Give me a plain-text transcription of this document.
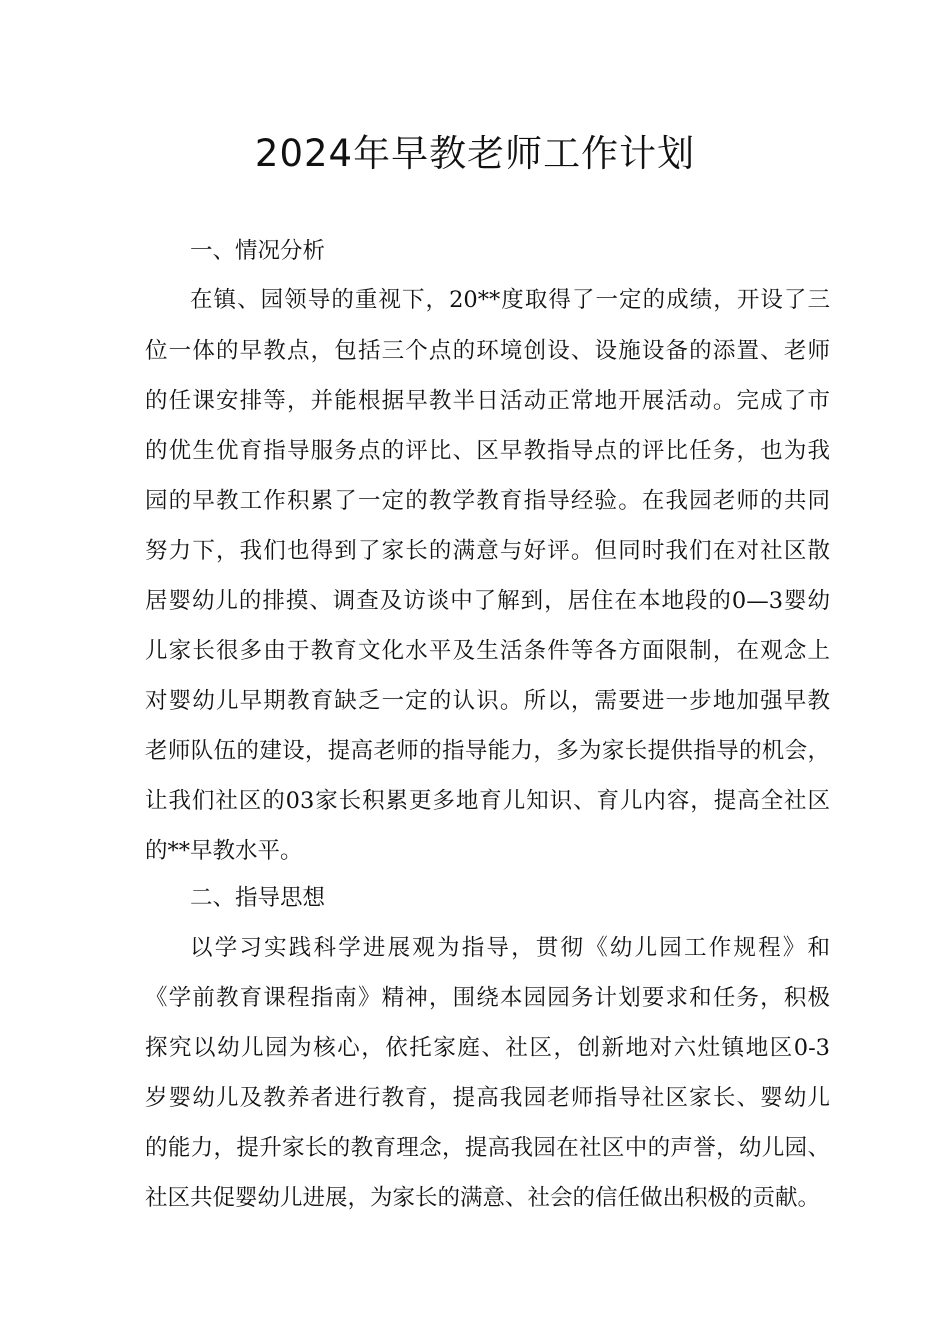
2024年早教老师工作计划
一、情况分析
在镇、园领导的重视下，20**度取得了一定的成绩，开设了三
位一体的早教点，包括三个点的环境创设、设施设备的添置、老师
的任课安排等，并能根据早教半日活动正常地开展活动。完成了市
的优生优育指导服务点的评比、区早教指导点的评比任务，也为我
园的早教工作积累了一定的教学教育指导经验。在我园老师的共同
努力下，我们也得到了家长的满意与好评。但同时我们在对社区散
居婴幼儿的排摸、调查及访谈中了解到，居住在本地段的0—3婴幼
儿家长很多由于教育文化水平及生活条件等各方面限制，在观念上
对婴幼儿早期教育缺乏一定的认识。所以，需要进一步地加强早教
老师队伍的建设，提高老师的指导能力，多为家长提供指导的机会，
让我们社区的03家长积累更多地育儿知识、育儿内容，提高全社区
的**早教水平。
二、指导思想
以学习实践科学进展观为指导，贯彻《幼儿园工作规程》和
《学前教育课程指南》精神，围绕本园园务计划要求和任务，积极
探究以幼儿园为核心，依托家庭、社区，创新地对六灶镇地区0-3
岁婴幼儿及教养者进行教育，提高我园老师指导社区家长、婴幼儿
的能力，提升家长的教育理念，提高我园在社区中的声誉，幼儿园、
社区共促婴幼儿进展，为家长的满意、社会的信任做出积极的贡献。
